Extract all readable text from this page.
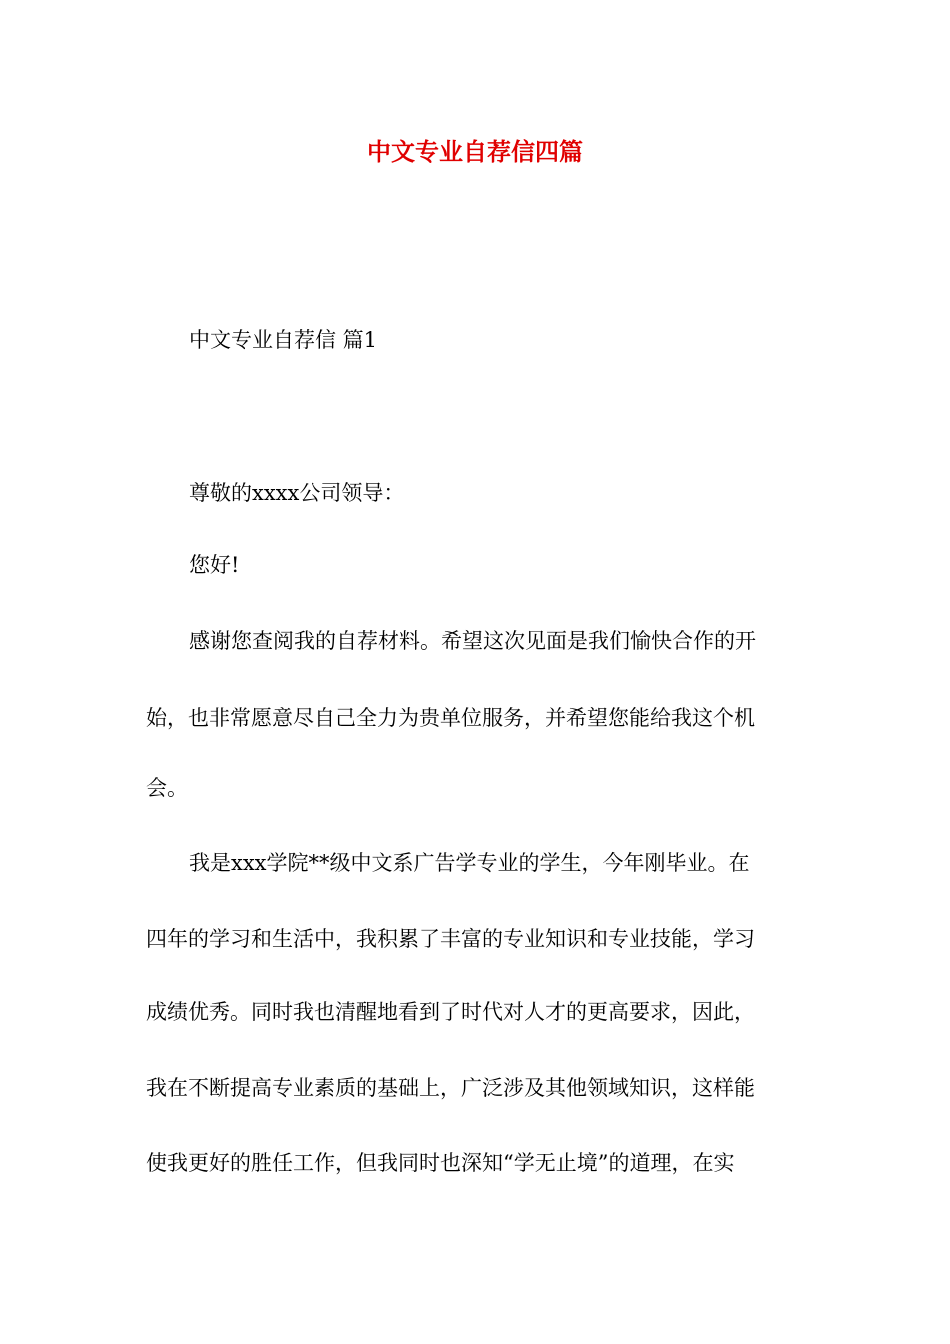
中文专业自荐信四篇

中文专业自荐信 篇1

尊敬的xxxx公司领导：

您好!

感谢您查阅我的自荐材料。希望这次见面是我们愉快合作的开

始，也非常愿意尽自己全力为贵单位服务，并希望您能给我这个机

会。

我是xxx学院**级中文系广告学专业的学生，今年刚毕业。在

四年的学习和生活中，我积累了丰富的专业知识和专业技能，学习

成绩优秀。同时我也清醒地看到了时代对人才的更高要求，因此，

我在不断提高专业素质的基础上，广泛涉及其他领域知识，这样能

使我更好的胜任工作，但我同时也深知“学无止境”的道理，在实
